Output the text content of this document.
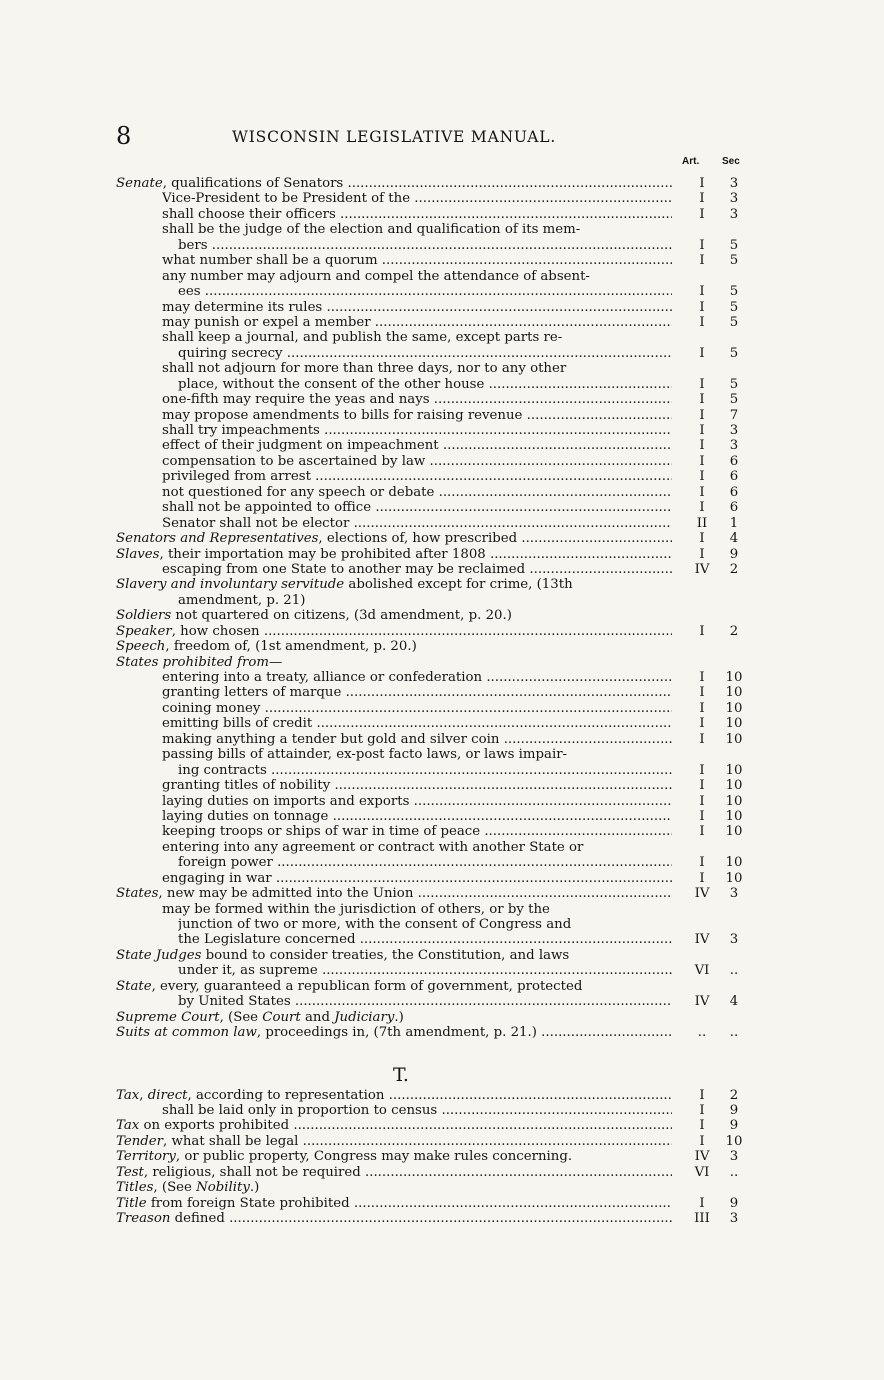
8	WISCONSIN LEGISLATIVE MANUAL.
Art. Sec
Senate, qualifications of Senators .....	I	3
Vice-President to be President of the .....	I	3
shall choose their officers .....	I	3
shall be the judge of the election and qualification of its mem-
bers .....	I	5
what number shall be a quorum .....	I	5
any number may adjourn and compel the attendance of absent-
ees .....	I	5
may determine its rules .....	I	5
may punish or expel a member .....	I	5
shall keep a journal, and publish the same, except parts re-
quiring secrecy .....	I	5
shall not adjourn for more than three days, nor to any other
place, without the consent of the other house .....	I	5
one-fifth may require the yeas and nays .....	I	5
may propose amendments to bills for raising revenue .....	I	7
shall try impeachments .....	I	3
effect of their judgment on impeachment .....	I	3
compensation to be ascertained by law .....	I	6
privileged from arrest .....	I	6
not questioned for any speech or debate .....	I	6
shall not be appointed to office .....	I	6
Senator shall not be elector .....	II	1
Senators and Representatives, elections of, how prescribed .....	I	4
Slaves, their importation may be prohibited after 1808 .....	I	9
escaping from one State to another may be reclaimed .....	IV	2
Slavery and involuntary servitude abolished except for crime, (13th
amendment, p. 21)
Soldiers not quartered on citizens, (3d amendment, p. 20.)
Speaker, how chosen .....	I	2
Speech, freedom of, (1st amendment, p. 20.)
States prohibited from—
entering into a treaty, alliance or confederation .....	I	10
granting letters of marque .....	I	10
coining money .....	I	10
emitting bills of credit .....	I	10
making anything a tender but gold and silver coin .....	I	10
passing bills of attainder, ex-post facto laws, or laws impair-
ing contracts .....	I	10
granting titles of nobility .....	I	10
laying duties on imports and exports .....	I	10
laying duties on tonnage .....	I	10
keeping troops or ships of war in time of peace .....	I	10
entering into any agreement or contract with another State or
foreign power .....	I	10
engaging in war .....	I	10
States, new may be admitted into the Union .....	IV	3
may be formed within the jurisdiction of others, or by the
junction of two or more, with the consent of Congress and
the Legislature concerned .....	IV	3
State Judges bound to consider treaties, the Constitution, and laws
under it, as supreme .....	VI	..
State, every, guaranteed a republican form of government, protected
by United States .....	IV	4
Supreme Court, (See Court and Judiciary.)
Suits at common law, proceedings in, (7th amendment, p. 21.) .....	..	..
T.
Tax, direct, according to representation .....	I	2
shall be laid only in proportion to census .....	I	9
Tax on exports prohibited .....	I	9
Tender, what shall be legal .....	I	10
Territory, or public property, Congress may make rules concerning.	IV	3
Test, religious, shall not be required .....	VI	..
Titles, (See Nobility.)
Title from foreign State prohibited .....	I	9
Treason defined .....	III	3
